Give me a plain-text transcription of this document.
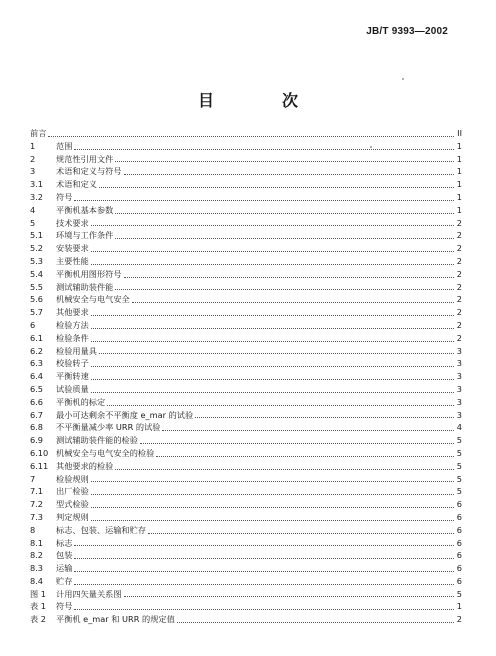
JB/T 9393—2002
目　次
前言	II
1	范围	1
2	规范性引用文件	1
3	术语和定义与符号	1
3.1	术语和定义	1
3.2	符号	1
4	平衡机基本参数	1
5	技术要求	2
5.1	环境与工作条件	2
5.2	安装要求	2
5.3	主要性能	2
5.4	平衡机用图形符号	2
5.5	测试辅助装件能	2
5.6	机械安全与电气安全	2
5.7	其他要求	2
6	检验方法	2
6.1	检验条件	2
6.2	检验用量具	3
6.3	校验转子	3
6.4	平衡转速	3
6.5	试验质量	3
6.6	平衡机的标定	3
6.7	最小可达剩余不平衡度 e_mar 的试验	3
6.8	不平衡量减少率 URR 的试验	4
6.9	测试辅助装件能的检验	5
6.10 机械安全与电气安全的检验	5
6.11 其他要求的检验	5
7	检验规则	5
7.1	出厂检验	5
7.2	型式检验	6
7.3	判定规则	6
8	标志、包装、运输和贮存	6
8.1	标志	6
8.2	包装	6
8.3	运输	6
8.4	贮存	6
图 1	计用四矢量关系图	5
表 1	符号	1
表 2	平衡机 e_mar 和 URR 的规定值	2
